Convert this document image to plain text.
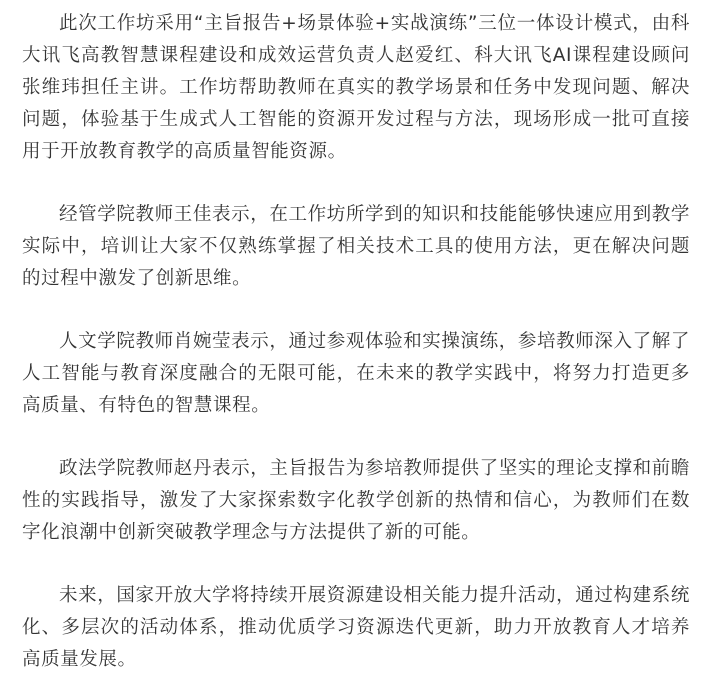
此次工作坊采用“主旨报告+场景体验+实战演练”三位一体设计模式，由科大讯飞高教智慧课程建设和成效运营负责人赵爱红、科大讯飞AI课程建设顾问张维玮担任主讲。工作坊帮助教师在真实的教学场景和任务中发现问题、解决问题，体验基于生成式人工智能的资源开发过程与方法，现场形成一批可直接用于开放教育教学的高质量智能资源。

经管学院教师王佳表示，在工作坊所学到的知识和技能能够快速应用到教学实际中，培训让大家不仅熟练掌握了相关技术工具的使用方法，更在解决问题的过程中激发了创新思维。

人文学院教师肖婉莹表示，通过参观体验和实操演练，参培教师深入了解了人工智能与教育深度融合的无限可能，在未来的教学实践中，将努力打造更多高质量、有特色的智慧课程。

政法学院教师赵丹表示，主旨报告为参培教师提供了坚实的理论支撑和前瞻性的实践指导，激发了大家探索数字化教学创新的热情和信心，为教师们在数字化浪潮中创新突破教学理念与方法提供了新的可能。

未来，国家开放大学将持续开展资源建设相关能力提升活动，通过构建系统化、多层次的活动体系，推动优质学习资源迭代更新，助力开放教育人才培养高质量发展。
